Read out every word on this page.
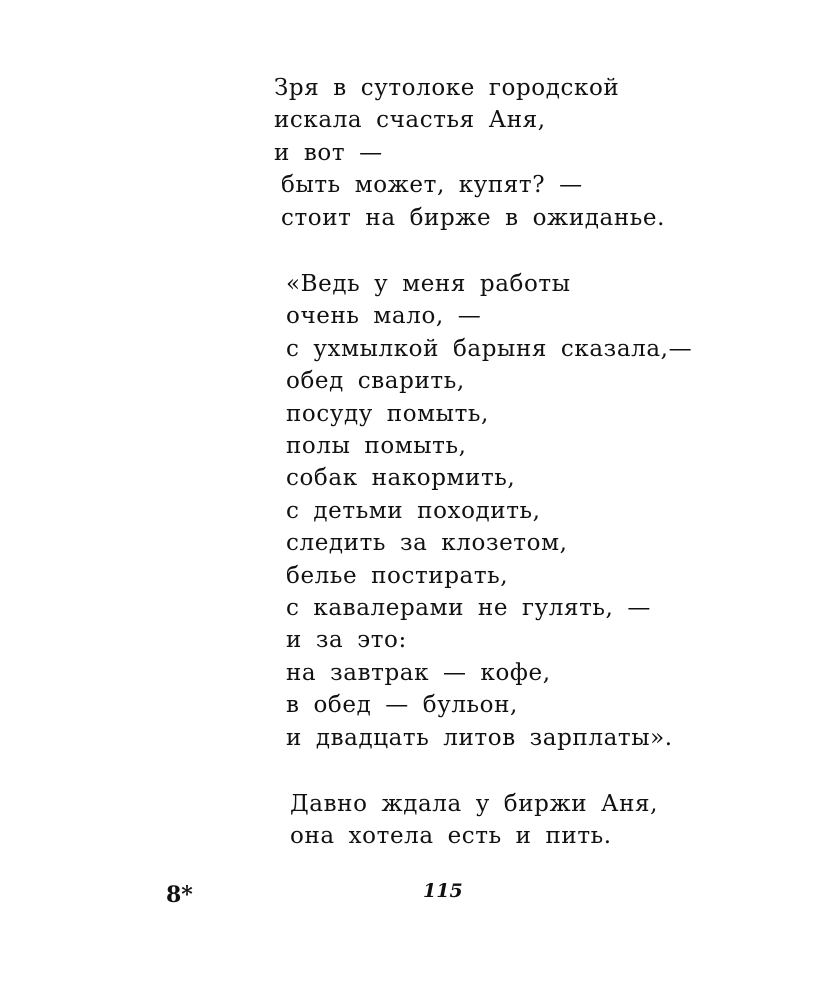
Зря в сутолоке городской
искала счастья Аня,
и вот —
быть может, купят? —
стоит на бирже в ожиданье.
«Ведь у меня работы
очень мало, —
с ухмылкой барыня сказала,—
обед сварить,
посуду помыть,
полы помыть,
собак накормить,
с детьми походить,
следить за клозетом,
белье постирать,
с кавалерами не гулять, —
и за это:
на завтрак — кофе,
в обед — бульон,
и двадцать литов зарплаты».
Давно ждала у биржи Аня,
она хотела есть и пить.
8*	115
